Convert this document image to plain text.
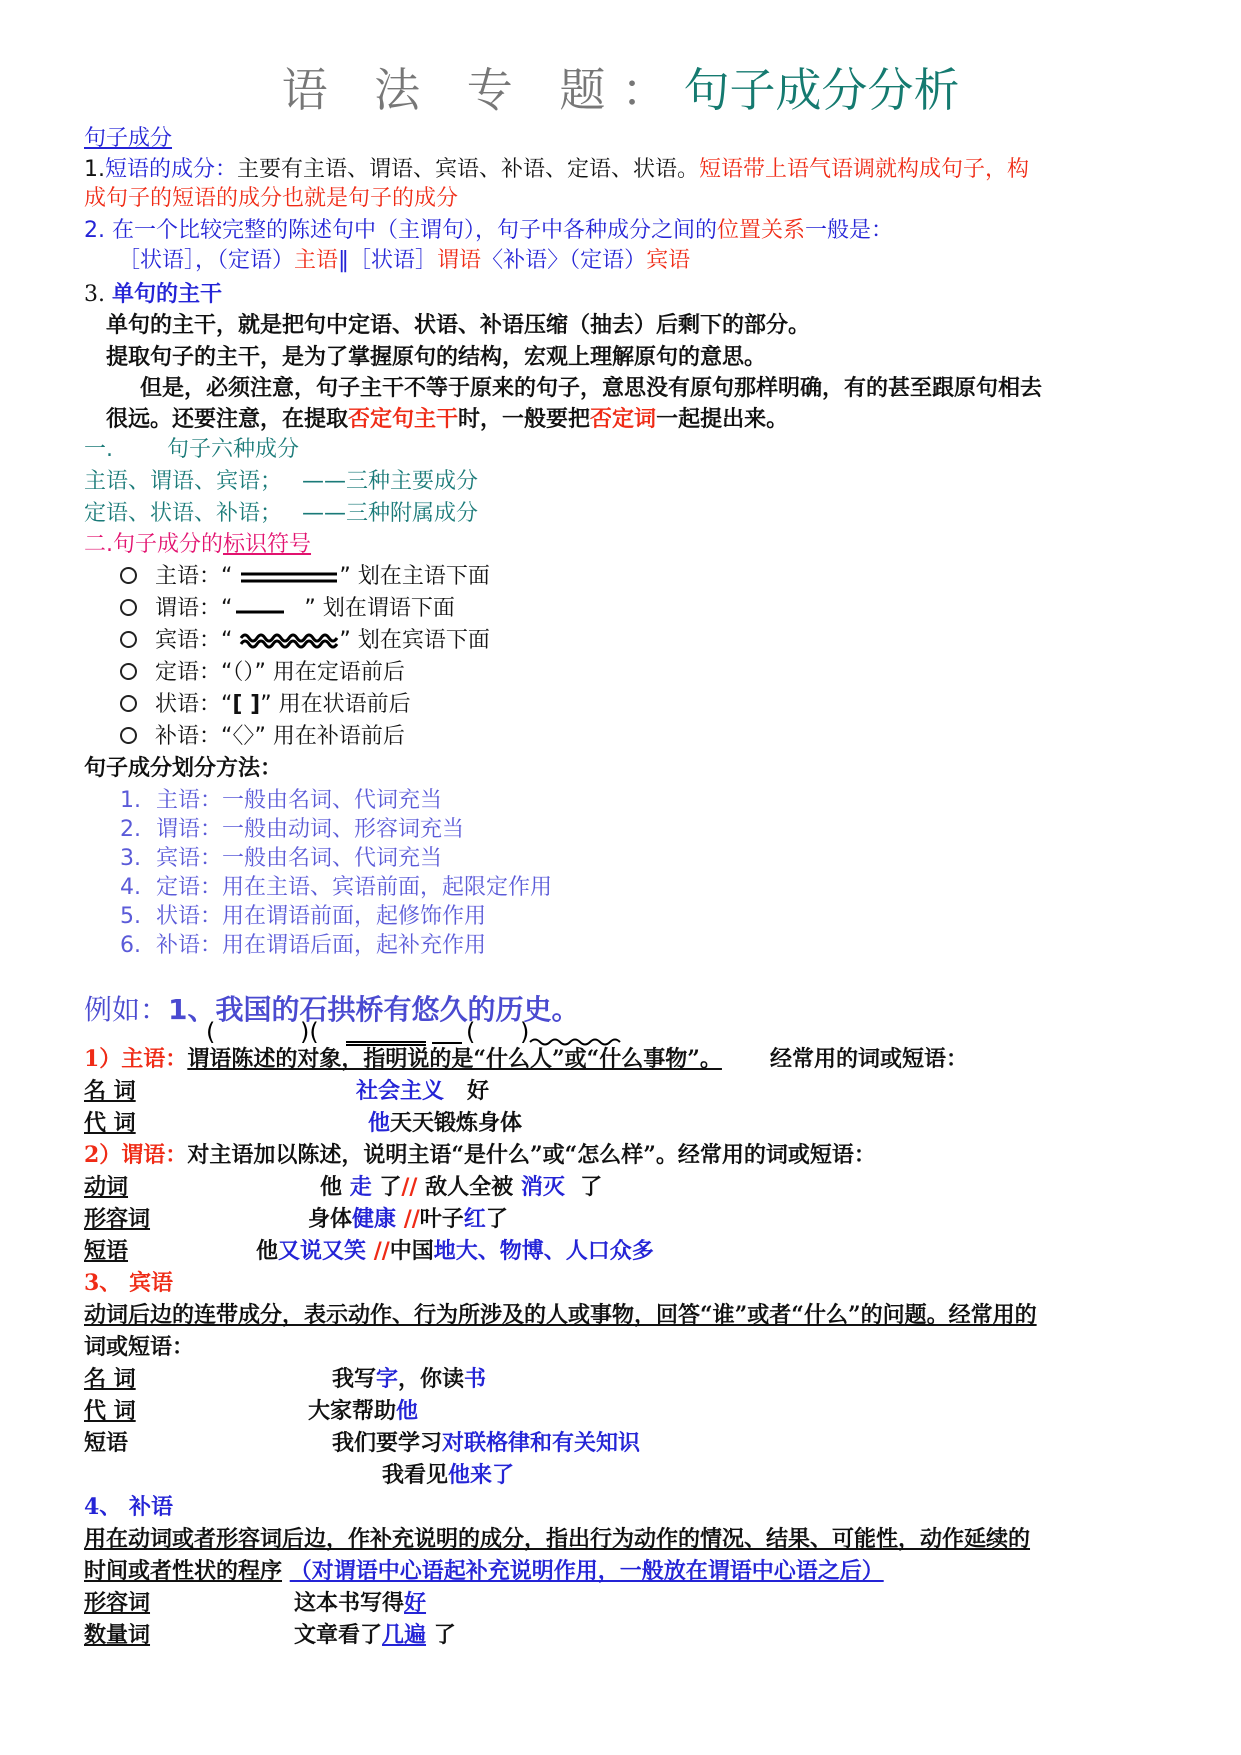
语 法 专 题：句子成分分析
句子成分
1.短语的成分：主要有主语、谓语、宾语、补语、定语、状语。短语带上语气语调就构成句子，构
成句子的短语的成分也就是句子的成分
2. 在一个比较完整的陈述句中（主谓句），句子中各种成分之间的位置关系一般是：
［状语］，（定语）主语‖［状语］谓语〈补语〉（定语）宾语
3. 单句的主干
单句的主干，就是把句中定语、状语、补语压缩（抽去）后剩下的部分。
提取句子的主干，是为了掌握原句的结构，宏观上理解原句的意思。
但是，必须注意，句子主干不等于原来的句子，意思没有原句那样明确，有的甚至跟原句相去
很远。还要注意，在提取否定句主干时，一般要把否定词一起提出来。
一. 句子六种成分
主语、谓语、宾语； ——三种主要成分
定语、状语、补语； ——三种附属成分
二.句子成分的标识符号
主语：“	” 划在主语下面
谓语：“	” 划在谓语下面
宾语：“	” 划在宾语下面
定语：“（）” 用在定语前后
状语：“[ ]” 用在状语前后
补语：“〈〉” 用在补语前后
句子成分划分方法：
1. 主语：一般由名词、代词充当
2. 谓语：一般由动词、形容词充当
3. 宾语：一般由名词、代词充当
4. 定语：用在主语、宾语前面，起限定作用
5. 状语：用在谓语前面，起修饰作用
6. 补语：用在谓语后面，起补充作用
例如：1、我国的石拱桥有悠久的历史。
(	)(	( )
1）主语：谓语陈述的对象，指明说的是“什么人”或“什么事物”。 经常用的词或短语：
名 词	社会主义 好
代 词	他天天锻炼身体
2）谓语：对主语加以陈述，说明主语“是什么”或“怎么样”。经常用的词或短语：
动词	他 走 了// 敌人全被 消灭 了
形容词	身体健康 //叶子红了
短语	他又说又笑 //中国地大、物博、人口众多
3、 宾语
动词后边的连带成分，表示动作、行为所涉及的人或事物，回答“谁”或者“什么”的问题。经常用的
词或短语：
名 词	我写字，你读书
代 词	大家帮助他
短语	我们要学习对联格律和有关知识
我看见他来了
4、 补语
用在动词或者形容词后边，作补充说明的成分，指出行为动作的情况、结果、可能性，动作延续的
时间或者性状的程序 （对谓语中心语起补充说明作用，一般放在谓语中心语之后）
形容词	这本书写得好
数量词	文章看了几遍 了
